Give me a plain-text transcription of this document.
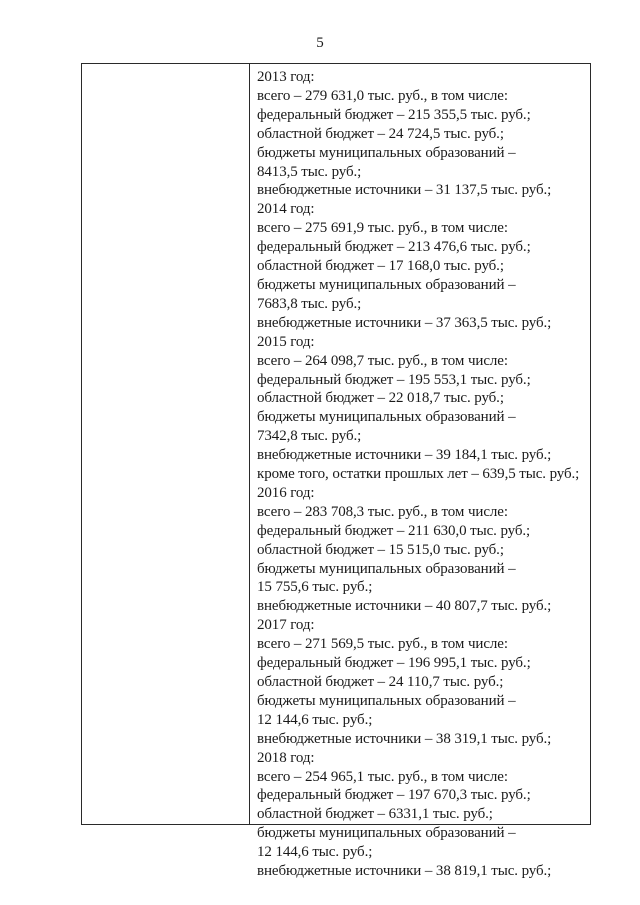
5
2013 год:
всего – 279 631,0 тыс. руб., в том числе:
федеральный бюджет – 215 355,5 тыс. руб.;
областной бюджет – 24 724,5 тыс. руб.;
бюджеты муниципальных образований –
8413,5 тыс. руб.;
внебюджетные источники – 31 137,5 тыс. руб.;
2014 год:
всего – 275 691,9 тыс. руб., в том числе:
федеральный бюджет – 213 476,6 тыс. руб.;
областной бюджет – 17 168,0 тыс. руб.;
бюджеты муниципальных образований –
7683,8 тыс. руб.;
внебюджетные источники – 37 363,5 тыс. руб.;
2015 год:
всего – 264 098,7 тыс. руб., в том числе:
федеральный бюджет – 195 553,1 тыс. руб.;
областной бюджет – 22 018,7 тыс. руб.;
бюджеты муниципальных образований –
7342,8 тыс. руб.;
внебюджетные источники – 39 184,1 тыс. руб.;
кроме того, остатки прошлых лет – 639,5 тыс. руб.;
2016 год:
всего – 283 708,3 тыс. руб., в том числе:
федеральный бюджет – 211 630,0 тыс. руб.;
областной бюджет – 15 515,0 тыс. руб.;
бюджеты муниципальных образований –
15 755,6 тыс. руб.;
внебюджетные источники – 40 807,7 тыс. руб.;
2017 год:
всего – 271 569,5 тыс. руб., в том числе:
федеральный бюджет – 196 995,1 тыс. руб.;
областной бюджет – 24 110,7 тыс. руб.;
бюджеты муниципальных образований –
12 144,6 тыс. руб.;
внебюджетные источники – 38 319,1 тыс. руб.;
2018 год:
всего – 254 965,1 тыс. руб., в том числе:
федеральный бюджет – 197 670,3 тыс. руб.;
областной бюджет – 6331,1 тыс. руб.;
бюджеты муниципальных образований –
12 144,6 тыс. руб.;
внебюджетные источники – 38 819,1 тыс. руб.;
